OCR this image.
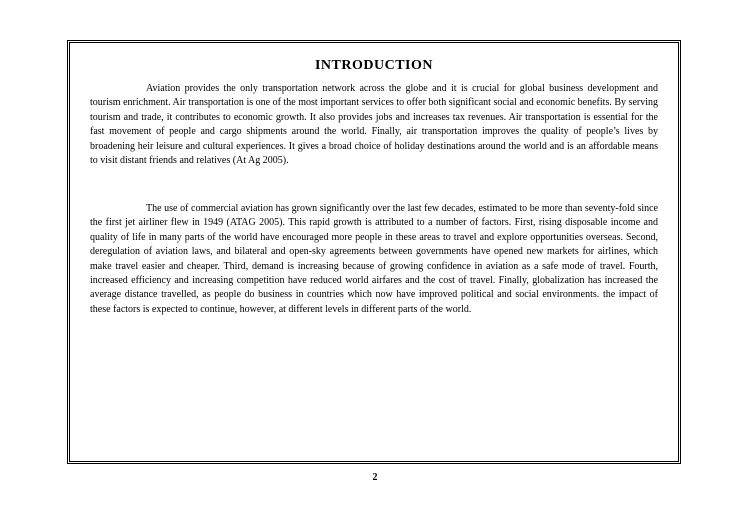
INTRODUCTION

Aviation provides the only transportation network across the globe and it is crucial for global business development and tourism enrichment. Air transportation is one of the most important services to offer both significant social and economic benefits. By serving tourism and trade, it contributes to economic growth. It also provides jobs and increases tax revenues. Air transportation is essential for the fast movement of people and cargo shipments around the world. Finally, air transportation improves the quality of people’s lives by broadening heir leisure and cultural experiences. It gives a broad choice of holiday destinations around the world and is an affordable means to visit distant friends and relatives (At Ag 2005).

The use of commercial aviation has grown significantly over the last few decades, estimated to be more than seventy-fold since the first jet airliner flew in 1949 (ATAG 2005). This rapid growth is attributed to a number of factors. First, rising disposable income and quality of life in many parts of the world have encouraged more people in these areas to travel and explore opportunities overseas. Second, deregulation of aviation laws, and bilateral and open-sky agreements between governments have opened new markets for airlines, which make travel easier and cheaper. Third, demand is increasing because of growing confidence in aviation as a safe mode of travel. Fourth, increased efficiency and increasing competition have reduced world airfares and the cost of travel. Finally, globalization has increased the average distance travelled, as people do business in countries which now have improved political and social environments. the impact of these factors is expected to continue, however, at different levels in different parts of the world.

2
